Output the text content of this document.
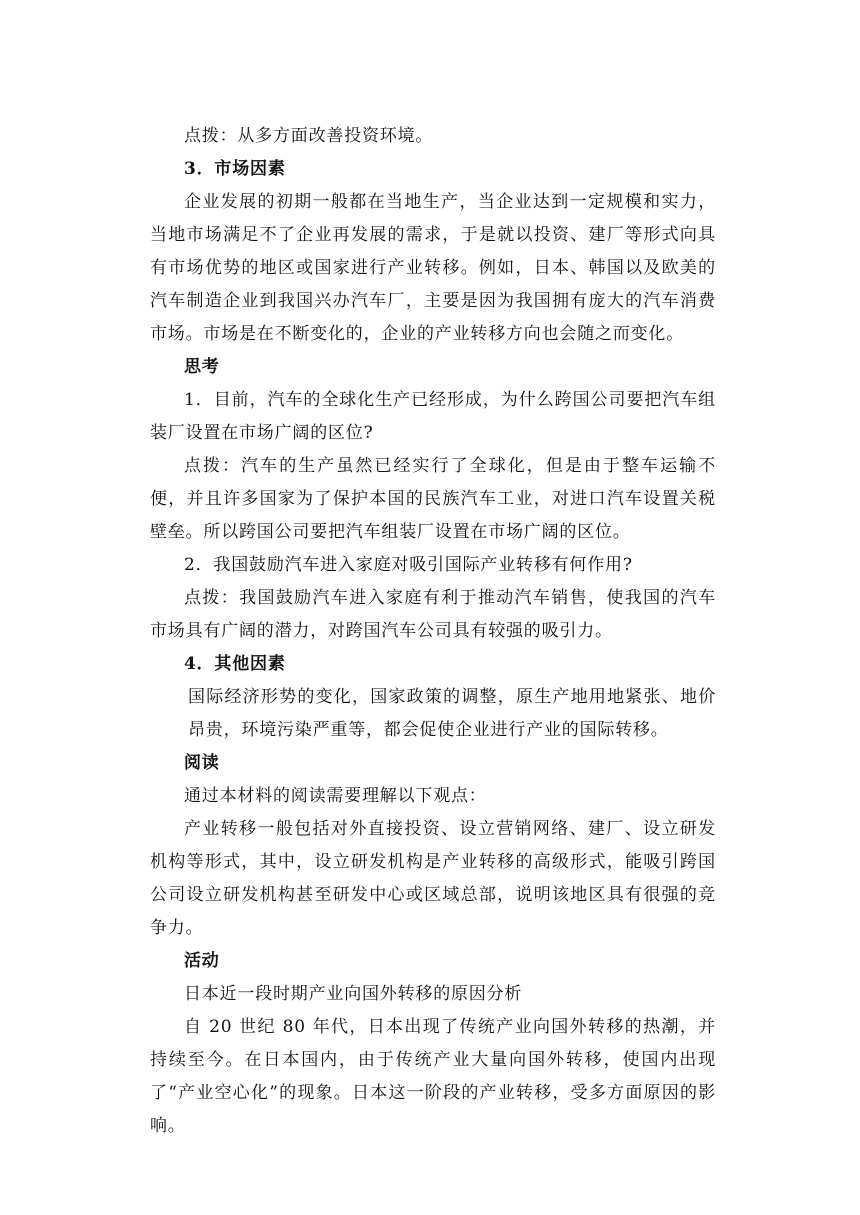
点拨：从多方面改善投资环境。

3．市场因素

企业发展的初期一般都在当地生产，当企业达到一定规模和实力，当地市场满足不了企业再发展的需求，于是就以投资、建厂等形式向具有市场优势的地区或国家进行产业转移。例如，日本、韩国以及欧美的汽车制造企业到我国兴办汽车厂，主要是因为我国拥有庞大的汽车消费市场。市场是在不断变化的，企业的产业转移方向也会随之而变化。

思考

1．目前，汽车的全球化生产已经形成，为什么跨国公司要把汽车组装厂设置在市场广阔的区位?

点拨：汽车的生产虽然已经实行了全球化，但是由于整车运输不便，并且许多国家为了保护本国的民族汽车工业，对进口汽车设置关税壁垒。所以跨国公司要把汽车组装厂设置在市场广阔的区位。

2．我国鼓励汽车进入家庭对吸引国际产业转移有何作用?

点拨：我国鼓励汽车进入家庭有利于推动汽车销售，使我国的汽车市场具有广阔的潜力，对跨国汽车公司具有较强的吸引力。

4．其他因素

国际经济形势的变化，国家政策的调整，原生产地用地紧张、地价昂贵，环境污染严重等，都会促使企业进行产业的国际转移。

阅读

通过本材料的阅读需要理解以下观点：

产业转移一般包括对外直接投资、设立营销网络、建厂、设立研发机构等形式，其中，设立研发机构是产业转移的高级形式，能吸引跨国公司设立研发机构甚至研发中心或区域总部，说明该地区具有很强的竞争力。

活动

日本近一段时期产业向国外转移的原因分析

自 20 世纪 80 年代，日本出现了传统产业向国外转移的热潮，并持续至今。在日本国内，由于传统产业大量向国外转移，使国内出现了“产业空心化”的现象。日本这一阶段的产业转移，受多方面原因的影响。
